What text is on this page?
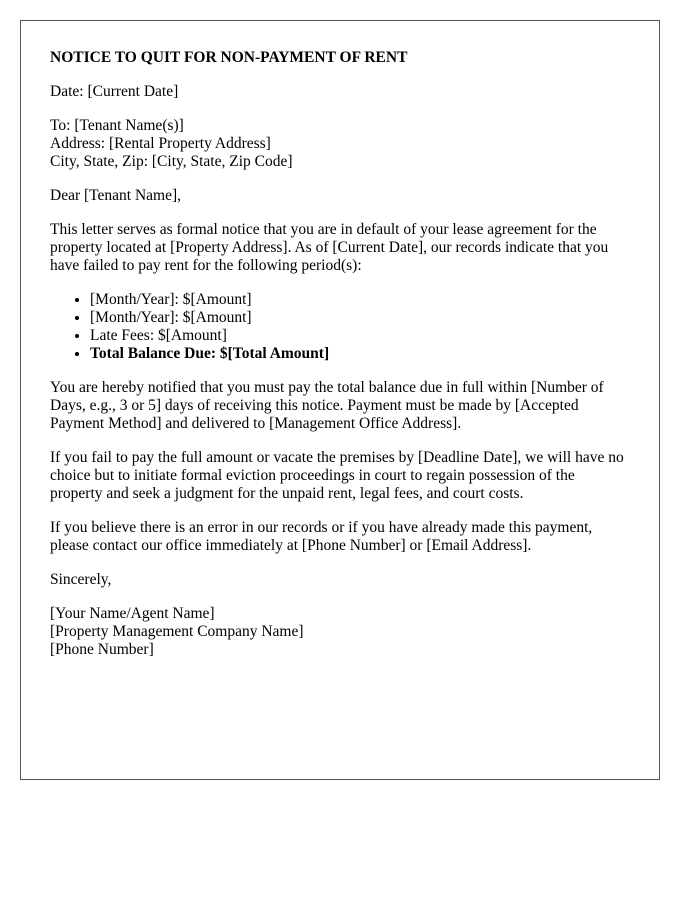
NOTICE TO QUIT FOR NON-PAYMENT OF RENT

Date: [Current Date]

To: [Tenant Name(s)]
Address: [Rental Property Address]
City, State, Zip: [City, State, Zip Code]

Dear [Tenant Name],

This letter serves as formal notice that you are in default of your lease agreement for the property located at [Property Address]. As of [Current Date], our records indicate that you have failed to pay rent for the following period(s):

• [Month/Year]: $[Amount]
• [Month/Year]: $[Amount]
• Late Fees: $[Amount]
• Total Balance Due: $[Total Amount]

You are hereby notified that you must pay the total balance due in full within [Number of Days, e.g., 3 or 5] days of receiving this notice. Payment must be made by [Accepted Payment Method] and delivered to [Management Office Address].

If you fail to pay the full amount or vacate the premises by [Deadline Date], we will have no choice but to initiate formal eviction proceedings in court to regain possession of the property and seek a judgment for the unpaid rent, legal fees, and court costs.

If you believe there is an error in our records or if you have already made this payment, please contact our office immediately at [Phone Number] or [Email Address].

Sincerely,

[Your Name/Agent Name]
[Property Management Company Name]
[Phone Number]
